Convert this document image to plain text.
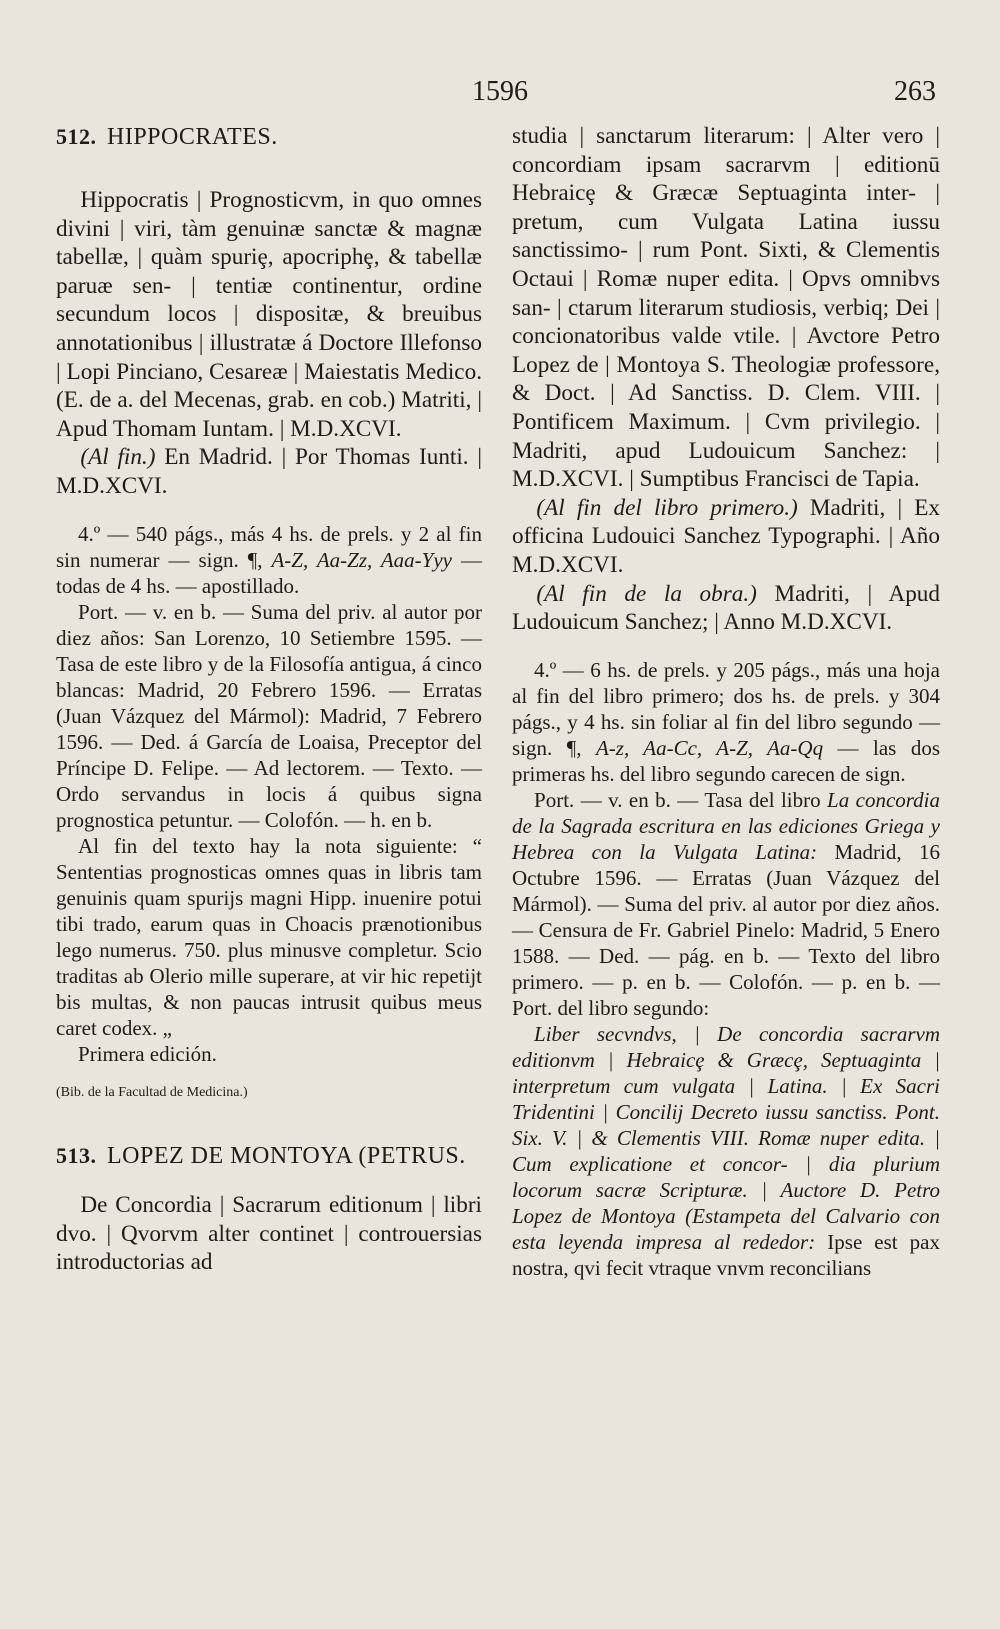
1596	263
512. HIPPOCRATES.

Hippocratis | Prognosticvm, in quo omnes divini | viri, tàm genuinæ sanctæ & magnæ tabellæ, | quàm spuriȩ, apocriphȩ, & tabellæ paruæ sen- | tentiæ continentur, ordine secundum locos | dispositæ, & breuibus annotationibus | illustratæ á Doctore Illefonso | Lopi Pinciano, Cesareæ | Maiestatis Medico. (E. de a. del Mecenas, grab. en cob.) Matriti, | Apud Thomam Iuntam. | M.D.XCVI.

(Al fin.) En Madrid. | Por Thomas Iunti. | M.D.XCVI.

4.º — 540 págs., más 4 hs. de prels. y 2 al fin sin numerar — sign. ¶, A-Z, Aa-Zz, Aaa-Yyy — todas de 4 hs. — apostillado.

Port. — v. en b. — Suma del priv. al autor por diez años: San Lorenzo, 10 Setiembre 1595. — Tasa de este libro y de la Filosofía antigua, á cinco blancas: Madrid, 20 Febrero 1596. — Erratas (Juan Vázquez del Mármol): Madrid, 7 Febrero 1596. — Ded. á García de Loaisa, Preceptor del Príncipe D. Felipe. — Ad lectorem. — Texto. — Ordo servandus in locis á quibus signa prognostica petuntur. — Colofón. — h. en b.

Al fin del texto hay la nota siguiente: “ Sententias prognosticas omnes quas in libris tam genuinis quam spurijs magni Hipp. inuenire potui tibi trado, earum quas in Choacis prænotionibus lego numerus. 750. plus minusve completur. Scio traditas ab Olerio mille superare, at vir hic repetijt bis multas, & non paucas intrusit quibus meus caret codex. „

Primera edición.

(Bib. de la Facultad de Medicina.)

513. LOPEZ DE MONTOYA (PETRUS.

De Concordia | Sacrarum editionum | libri dvo. | Qvorvm alter continet | controuersias introductorias ad

studia | sanctarum literarum: | Alter vero | concordiam ipsam sacrarvm | editionū Hebraicȩ & Græcæ Septuaginta inter- | pretum, cum Vulgata Latina iussu sanctissimo- | rum Pont. Sixti, & Clementis Octaui | Romæ nuper edita. | Opvs omnibvs san- | ctarum literarum studiosis, verbiq; Dei | concionatoribus valde vtile. | Avctore Petro Lopez de | Montoya S. Theologiæ professore, & Doct. | Ad Sanctiss. D. Clem. VIII. | Pontificem Maximum. | Cvm privilegio. | Madriti, apud Ludouicum Sanchez: | M.D.XCVI. | Sumptibus Francisci de Tapia.

(Al fin del libro primero.) Madriti, | Ex officina Ludouici Sanchez Typographi. | Año M.D.XCVI.

(Al fin de la obra.) Madriti, | Apud Ludouicum Sanchez; | Anno M.D.XCVI.

4.º — 6 hs. de prels. y 205 págs., más una hoja al fin del libro primero; dos hs. de prels. y 304 págs., y 4 hs. sin foliar al fin del libro segundo — sign. ¶, A-z, Aa-Cc, A-Z, Aa-Qq — las dos primeras hs. del libro segundo carecen de sign.

Port. — v. en b. — Tasa del libro La concordia de la Sagrada escritura en las ediciones Griega y Hebrea con la Vulgata Latina: Madrid, 16 Octubre 1596. — Erratas (Juan Vázquez del Mármol). — Suma del priv. al autor por diez años. — Censura de Fr. Gabriel Pinelo: Madrid, 5 Enero 1588. — Ded. — pág. en b. — Texto del libro primero. — p. en b. — Colofón. — p. en b. — Port. del libro segundo:

Liber secvndvs, | De concordia sacrarvm editionvm | Hebraicȩ & Græcȩ, Septuaginta | interpretum cum vulgata | Latina. | Ex Sacri Tridentini | Concilij Decreto iussu sanctiss. Pont. Six. V. | & Clementis VIII. Romæ nuper edita. | Cum explicatione et concor- | dia plurium locorum sacræ Scripturæ. | Auctore D. Petro Lopez de Montoya (Estampeta del Calvario con esta leyenda impresa al rededor: Ipse est pax nostra, qvi fecit vtraque vnvm reconcilians
